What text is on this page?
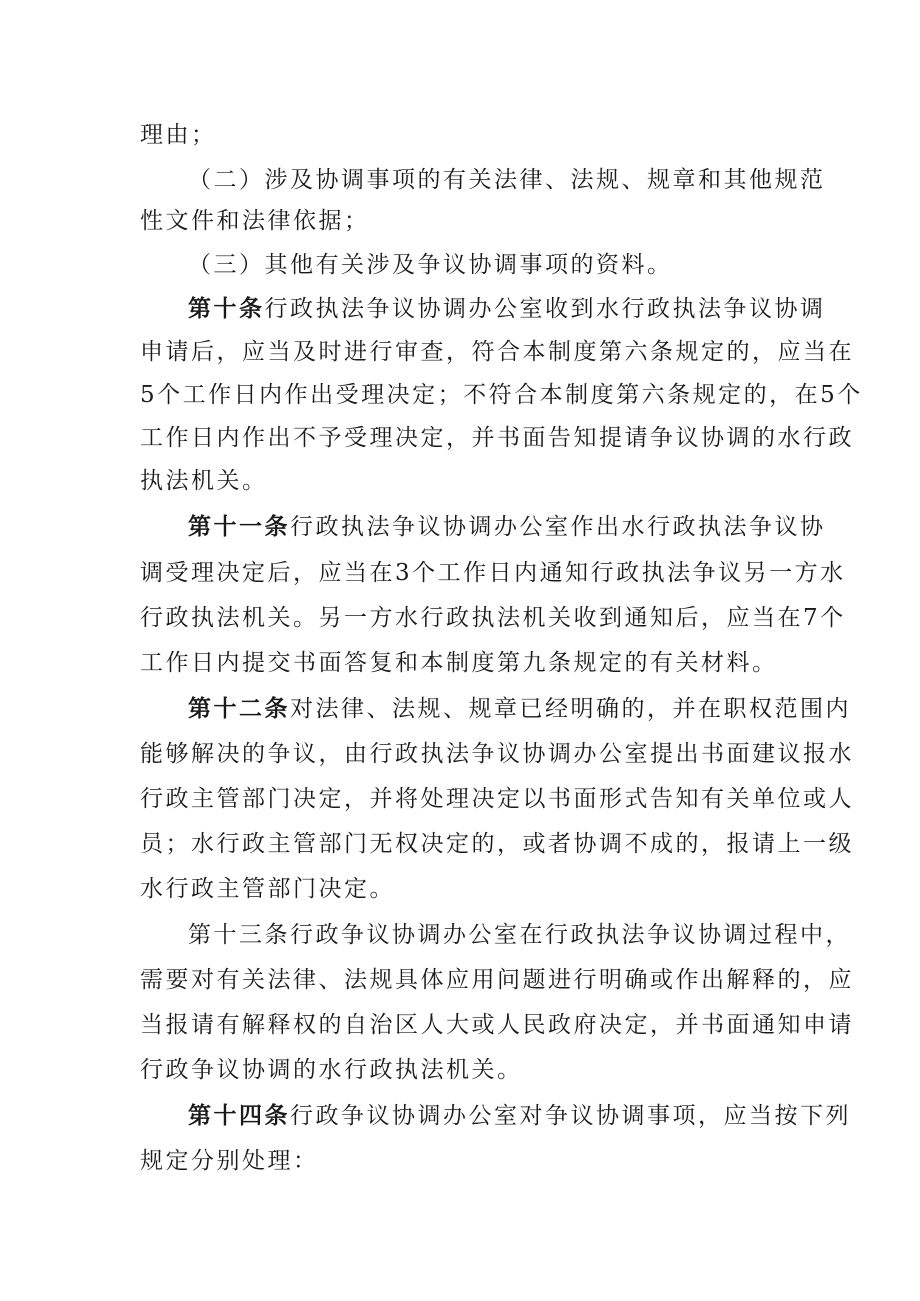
理由；
（二）涉及协调事项的有关法律、法规、规章和其他规范
性文件和法律依据；
（三）其他有关涉及争议协调事项的资料。
第十条行政执法争议协调办公室收到水行政执法争议协调
申请后，应当及时进行审查，符合本制度第六条规定的，应当在
5个工作日内作出受理决定；不符合本制度第六条规定的，在5个
工作日内作出不予受理决定，并书面告知提请争议协调的水行政
执法机关。
第十一条行政执法争议协调办公室作出水行政执法争议协
调受理决定后，应当在3个工作日内通知行政执法争议另一方水
行政执法机关。另一方水行政执法机关收到通知后，应当在7个
工作日内提交书面答复和本制度第九条规定的有关材料。
第十二条对法律、法规、规章已经明确的，并在职权范围内
能够解决的争议，由行政执法争议协调办公室提出书面建议报水
行政主管部门决定，并将处理决定以书面形式告知有关单位或人
员；水行政主管部门无权决定的，或者协调不成的，报请上一级
水行政主管部门决定。
第十三条行政争议协调办公室在行政执法争议协调过程中，
需要对有关法律、法规具体应用问题进行明确或作出解释的，应
当报请有解释权的自治区人大或人民政府决定，并书面通知申请
行政争议协调的水行政执法机关。
第十四条行政争议协调办公室对争议协调事项，应当按下列
规定分别处理：
